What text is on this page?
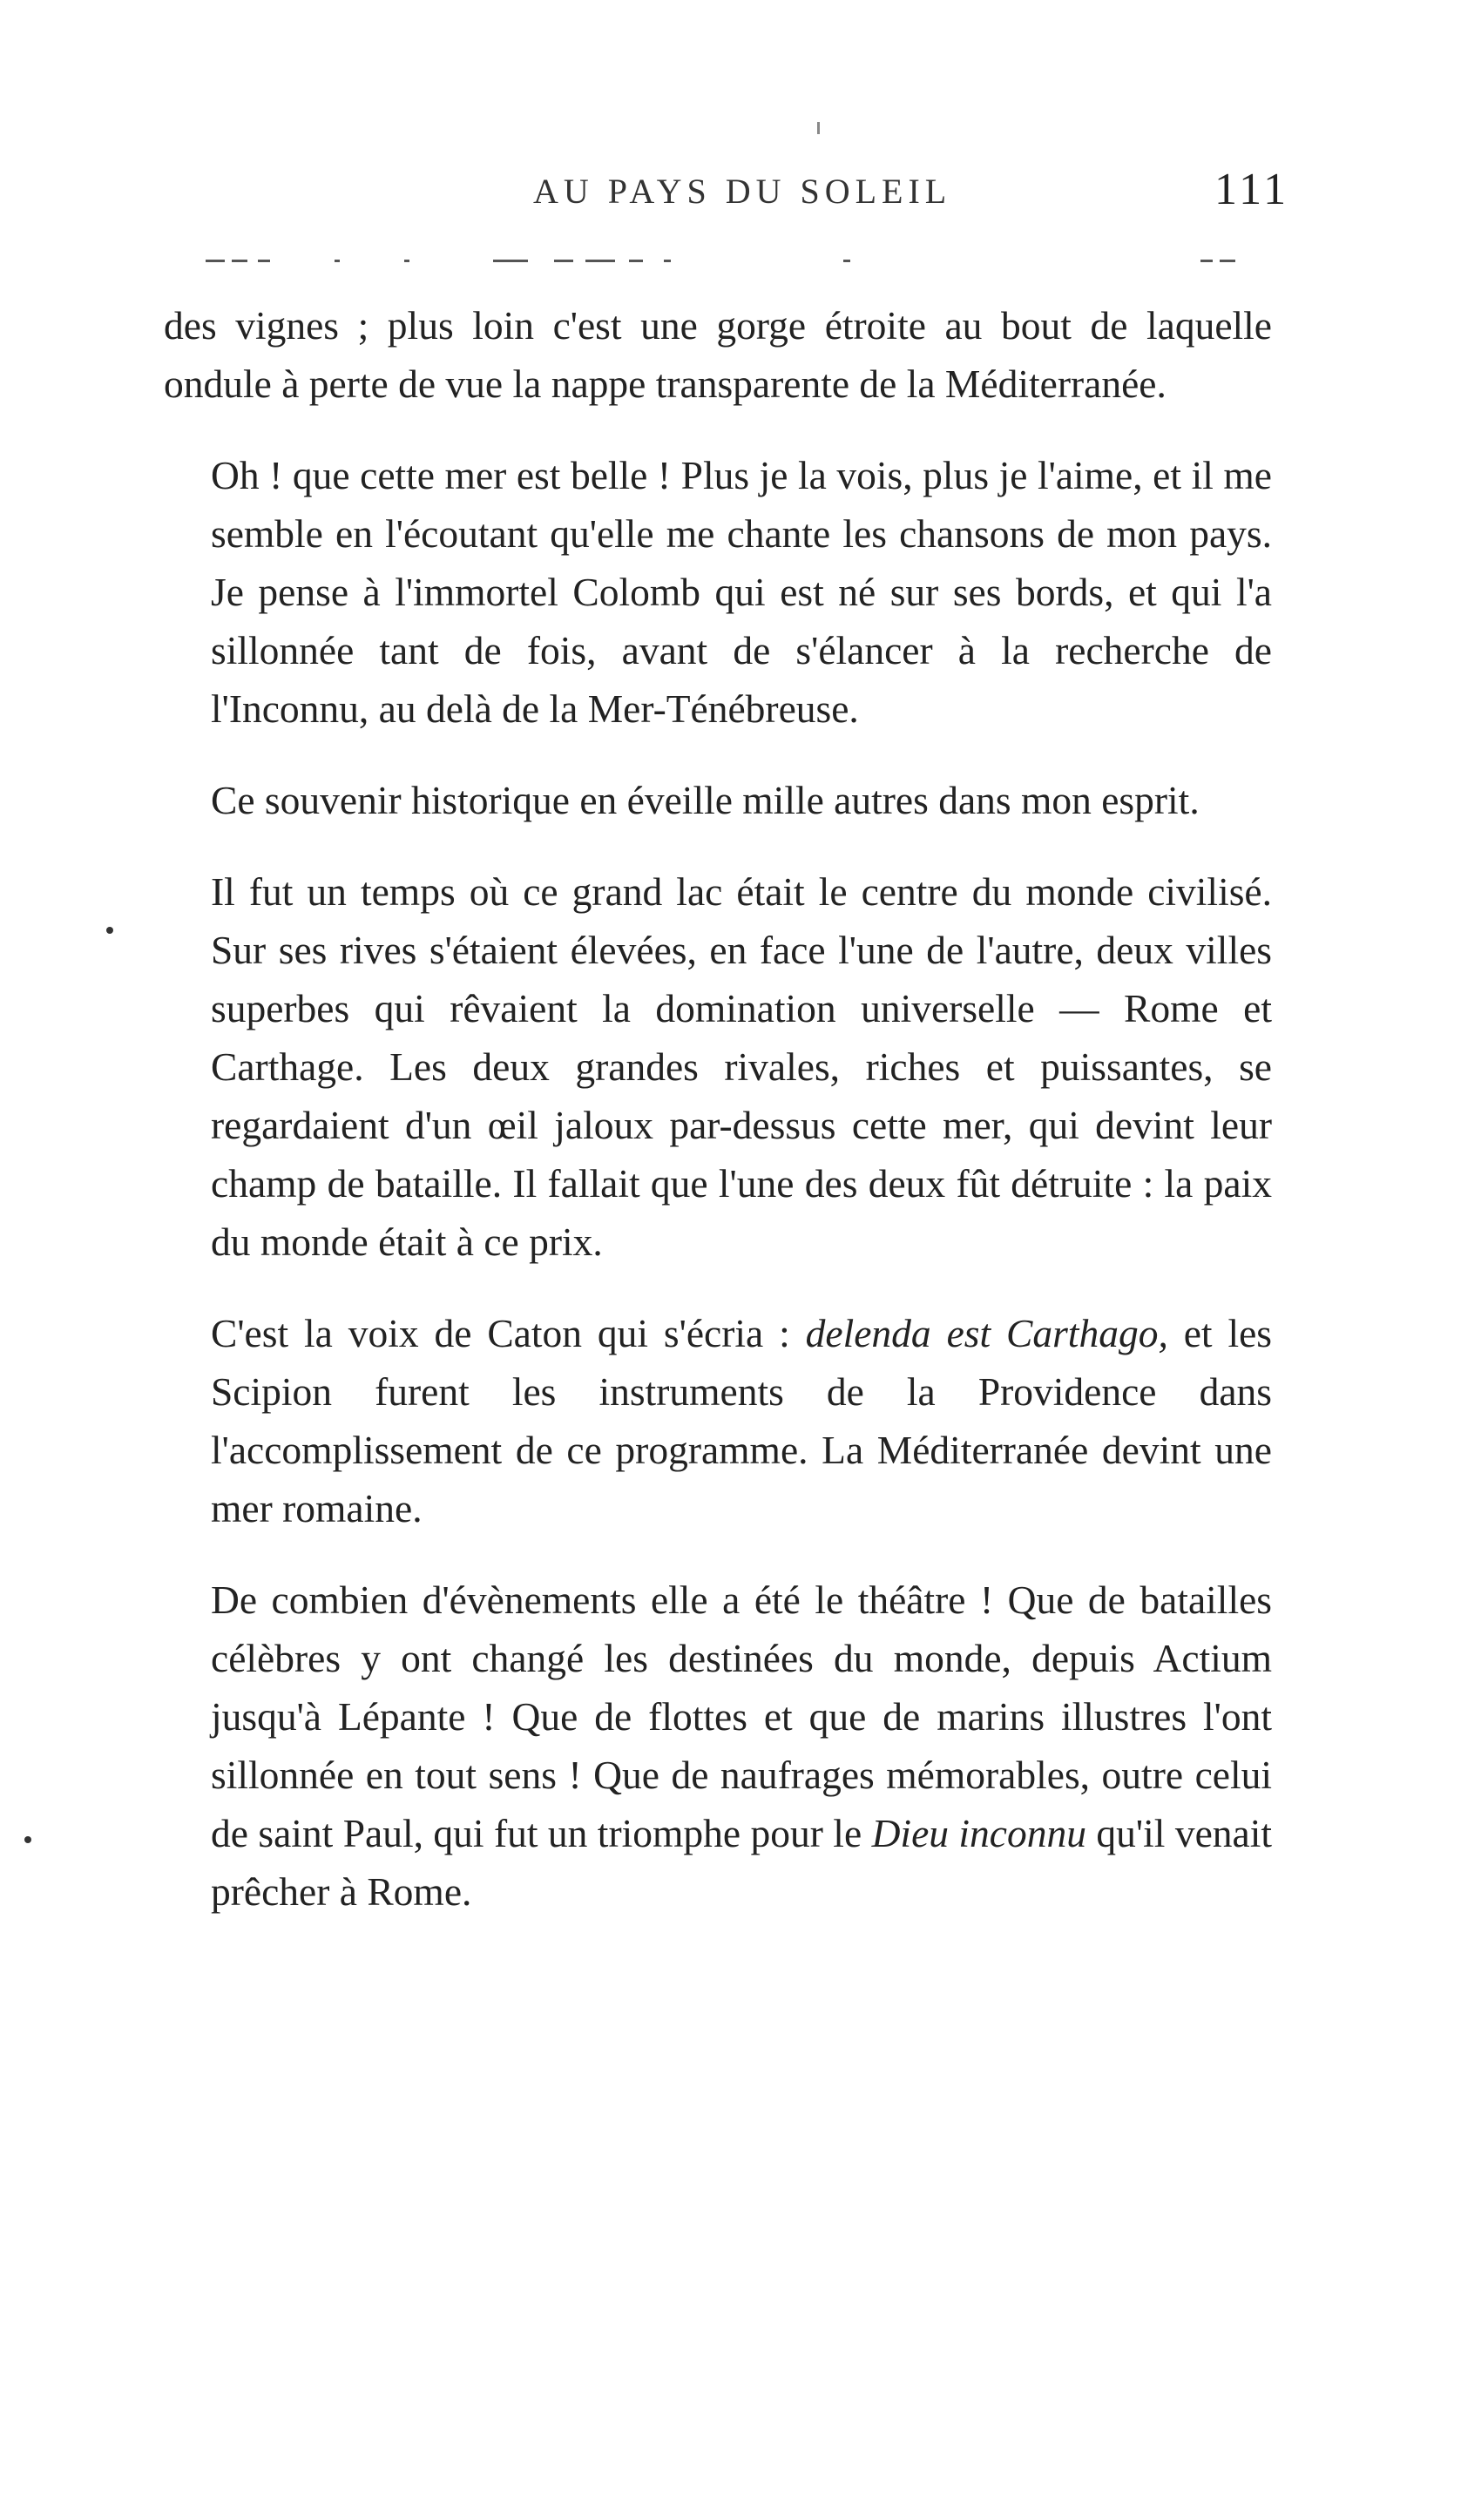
AU PAYS DU SOLEIL	111

des vignes ; plus loin c'est une gorge étroite au bout de laquelle ondule à perte de vue la nappe transparente de la Méditerranée.

Oh ! que cette mer est belle ! Plus je la vois, plus je l'aime, et il me semble en l'écoutant qu'elle me chante les chansons de mon pays. Je pense à l'immortel Colomb qui est né sur ses bords, et qui l'a sillonnée tant de fois, avant de s'élancer à la recherche de l'Inconnu, au delà de la Mer-Ténébreuse.

Ce souvenir historique en éveille mille autres dans mon esprit.

Il fut un temps où ce grand lac était le centre du monde civilisé. Sur ses rives s'étaient élevées, en face l'une de l'autre, deux villes superbes qui rêvaient la domination universelle — Rome et Carthage. Les deux grandes rivales, riches et puissantes, se regardaient d'un œil jaloux par-dessus cette mer, qui devint leur champ de bataille. Il fallait que l'une des deux fût détruite : la paix du monde était à ce prix.

C'est la voix de Caton qui s'écria : delenda est Carthago, et les Scipion furent les instruments de la Providence dans l'accomplissement de ce programme. La Méditerranée devint une mer romaine.

De combien d'évènements elle a été le théâtre ! Que de batailles célèbres y ont changé les destinées du monde, depuis Actium jusqu'à Lépante ! Que de flottes et que de marins illustres l'ont sillonnée en tout sens ! Que de naufrages mémorables, outre celui de saint Paul, qui fut un triomphe pour le Dieu inconnu qu'il venait prêcher à Rome.
